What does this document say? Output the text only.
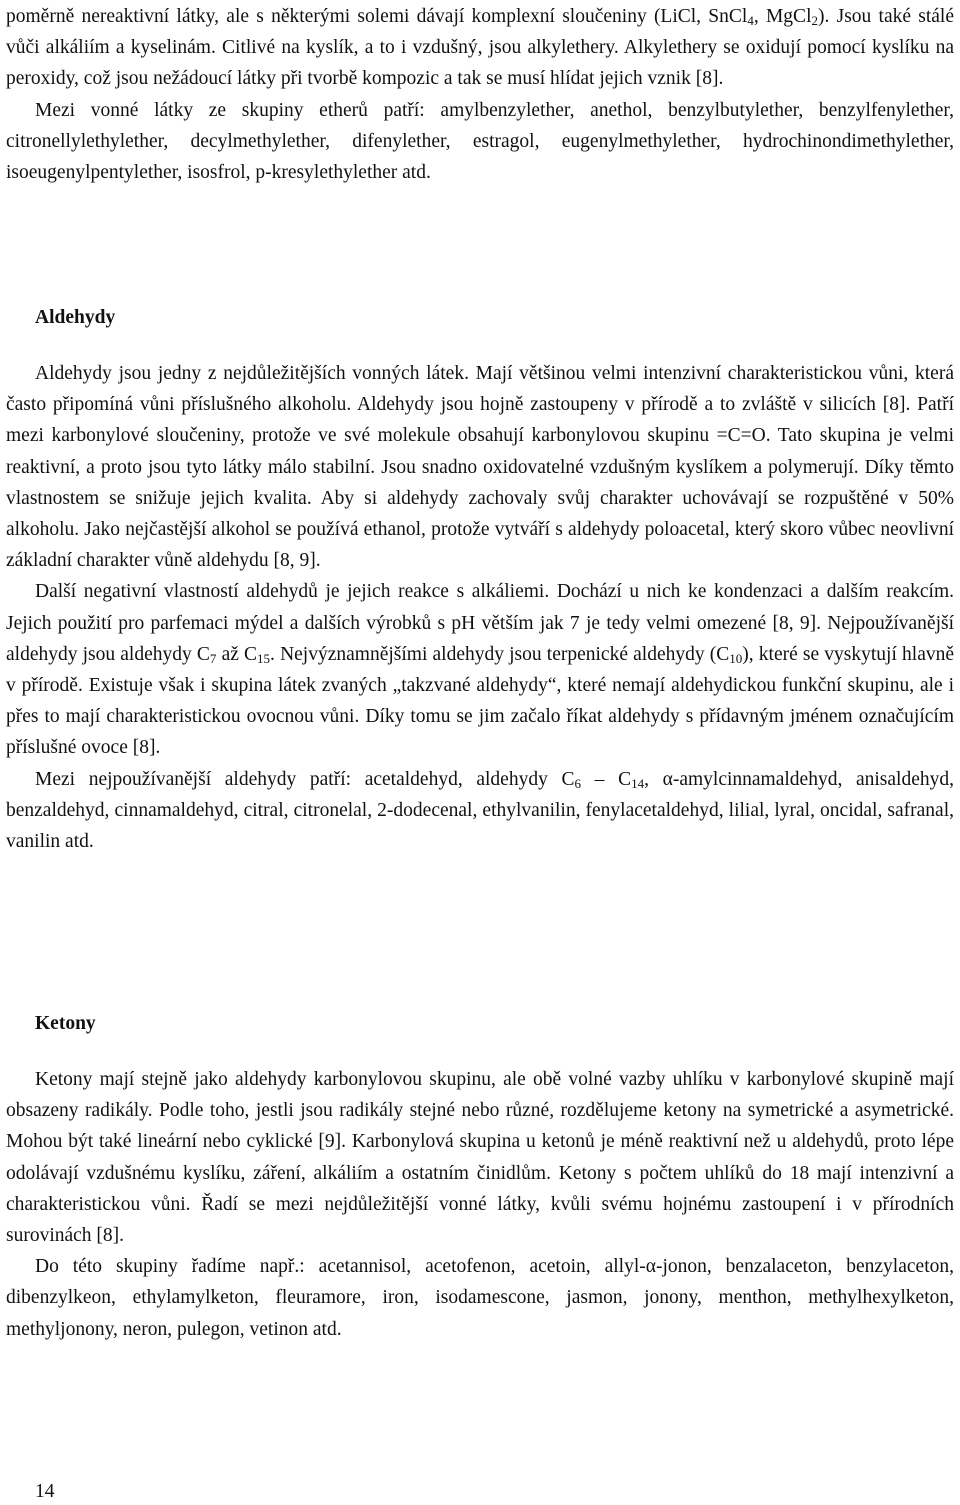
poměrně nereaktivní látky, ale s některými solemi dávají komplexní sloučeniny (LiCl, SnCl$_4$, MgCl$_2$). Jsou také stálé vůči alkáliím a kyselinám. Citlivé na kyslík, a to i vzdušný, jsou alkylethery. Alkylethery se oxidují pomocí kyslíku na peroxidy, což jsou nežádoucí látky při tvorbě kompozic a tak se musí hlídat jejich vznik [8].

Mezi vonné látky ze skupiny etherů patří: amylbenzylether, anethol, benzylbutylether, benzylfenylether, citronellylethylether, decylmethylether, difenylether, estragol, eugenylmethylether, hydrochinondimethylether, isoeugenylpentylether, isosfrol, p-kresylethylether atd.

Aldehydy

Aldehydy jsou jedny z nejdůležitějších vonných látek. Mají většinou velmi intenzivní charakteristickou vůni, která často připomíná vůni příslušného alkoholu. Aldehydy jsou hojně zastoupeny v přírodě a to zvláště v silicích [8]. Patří mezi karbonylové sloučeniny, protože ve své molekule obsahují karbonylovou skupinu =C=O. Tato skupina je velmi reaktivní, a proto jsou tyto látky málo stabilní. Jsou snadno oxidovatelné vzdušným kyslíkem a polymerují. Díky těmto vlastnostem se snižuje jejich kvalita. Aby si aldehydy zachovaly svůj charakter uchovávají se rozpuštěné v 50% alkoholu. Jako nejčastější alkohol se používá ethanol, protože vytváří s aldehydy poloacetal, který skoro vůbec neovlivní základní charakter vůně aldehydu [8, 9].

Další negativní vlastností aldehydů je jejich reakce s alkáliemi. Dochází u nich ke kondenzaci a dalším reakcím. Jejich použití pro parfemaci mýdel a dalších výrobků s pH větším jak 7 je tedy velmi omezené [8, 9]. Nejpoužívanější aldehydy jsou aldehydy $C_7$ až $C_{15}$. Nejvýznamnějšími aldehydy jsou terpenické aldehydy $(C_{10})$, které se vyskytují hlavně v přírodě. Existuje však i skupina látek zvaných „takzvané aldehydy“, které nemají aldehydickou funkční skupinu, ale i přes to mají charakteristickou ovocnou vůni. Díky tomu se jim začalo říkat aldehydy s přídavným jménem označujícím příslušné ovoce [8].

Mezi nejpoužívanější aldehydy patří: acetaldehyd, aldehydy $C_6 - C_{14}$, α-amylcinnamaldehyd, anisaldehyd, benzaldehyd, cinnamaldehyd, citral, citronelal, 2-dodecenal, ethylvanilin, fenylacetaldehyd, lilial, lyral, oncidal, safranal, vanilin atd.

Ketony

Ketony mají stejně jako aldehydy karbonylovou skupinu, ale obě volné vazby uhlíku v karbonylové skupině mají obsazeny radikály. Podle toho, jestli jsou radikály stejné nebo různé, rozdělujeme ketony na symetrické a asymetrické. Mohou být také lineární nebo cyklické [9]. Karbonylová skupina u ketonů je méně reaktivní než u aldehydů, proto lépe odolávají vzdušnému kyslíku, záření, alkáliím a ostatním činidlům. Ketony s počtem uhlíků do 18 mají intenzivní a charakteristickou vůni. Řadí se mezi nejdůležitější vonné látky, kvůli svému hojnému zastoupení i v přírodních surovinách [8].

Do této skupiny řadíme např.: acetannisol, acetofenon, acetoin, allyl-α-jonon, benzalaceton, benzylaceton, dibenzylkeon, ethylamylketon, fleuramore, iron, isodamescone, jasmon, jonony, menthon, methylhexylketon, methyljonony, neron, pulegon, vetinon atd.

14
